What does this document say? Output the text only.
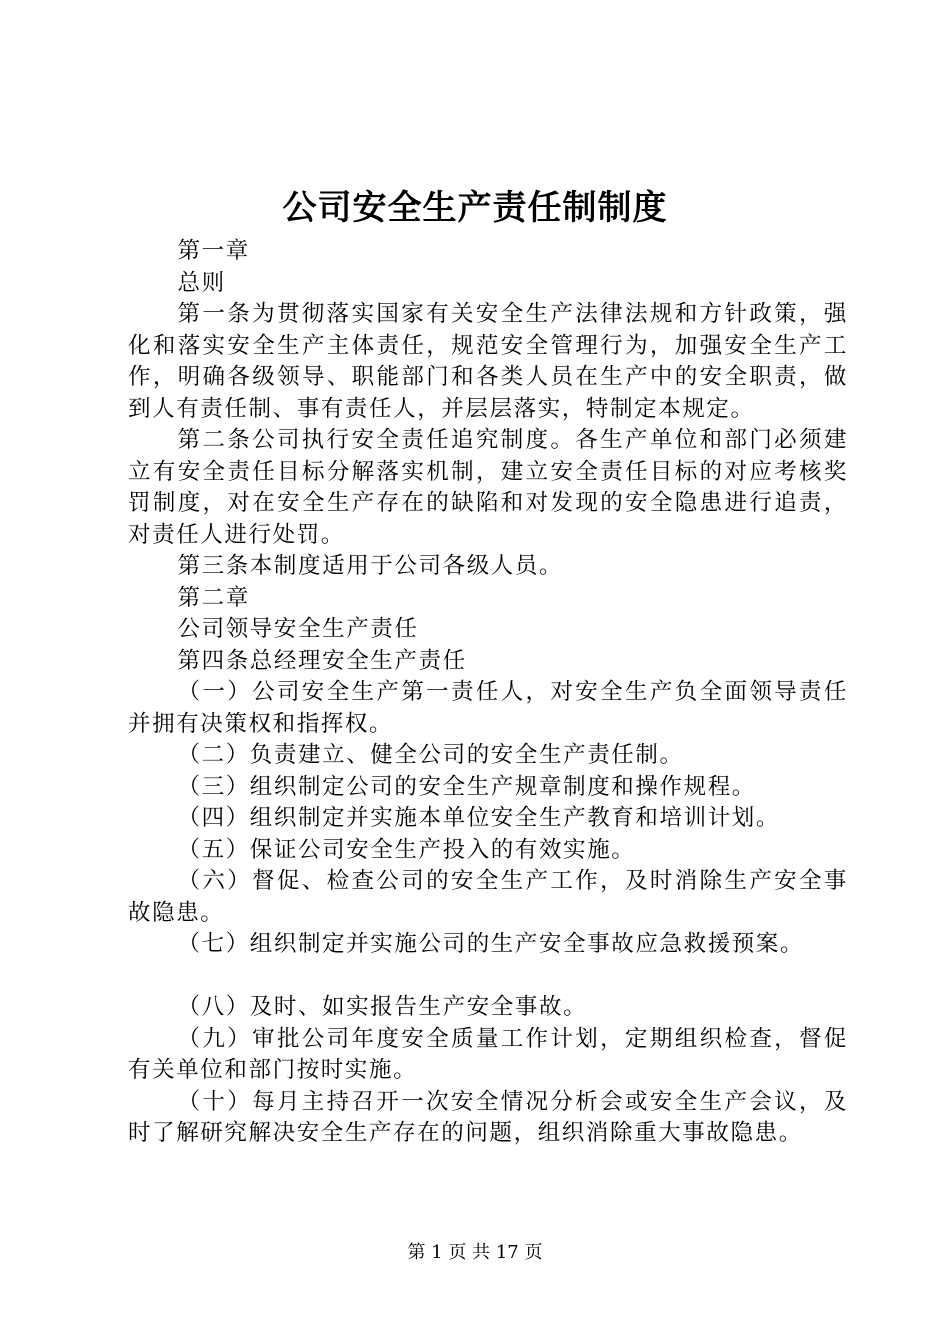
公司安全生产责任制制度

第一章

总则

第一条为贯彻落实国家有关安全生产法律法规和方针政策，强化和落实安全生产主体责任，规范安全管理行为，加强安全生产工作，明确各级领导、职能部门和各类人员在生产中的安全职责，做到人有责任制、事有责任人，并层层落实，特制定本规定。

第二条公司执行安全责任追究制度。各生产单位和部门必须建立有安全责任目标分解落实机制，建立安全责任目标的对应考核奖罚制度，对在安全生产存在的缺陷和对发现的安全隐患进行追责，对责任人进行处罚。

第三条本制度适用于公司各级人员。

第二章

公司领导安全生产责任

第四条总经理安全生产责任

（一）公司安全生产第一责任人，对安全生产负全面领导责任并拥有决策权和指挥权。

（二）负责建立、健全公司的安全生产责任制。

（三）组织制定公司的安全生产规章制度和操作规程。

（四）组织制定并实施本单位安全生产教育和培训计划。

（五）保证公司安全生产投入的有效实施。

（六）督促、检查公司的安全生产工作，及时消除生产安全事故隐患。

（七）组织制定并实施公司的生产安全事故应急救援预案。

（八）及时、如实报告生产安全事故。

（九）审批公司年度安全质量工作计划，定期组织检查，督促有关单位和部门按时实施。

（十）每月主持召开一次安全情况分析会或安全生产会议，及时了解研究解决安全生产存在的问题，组织消除重大事故隐患。

第 1 页 共 17 页
